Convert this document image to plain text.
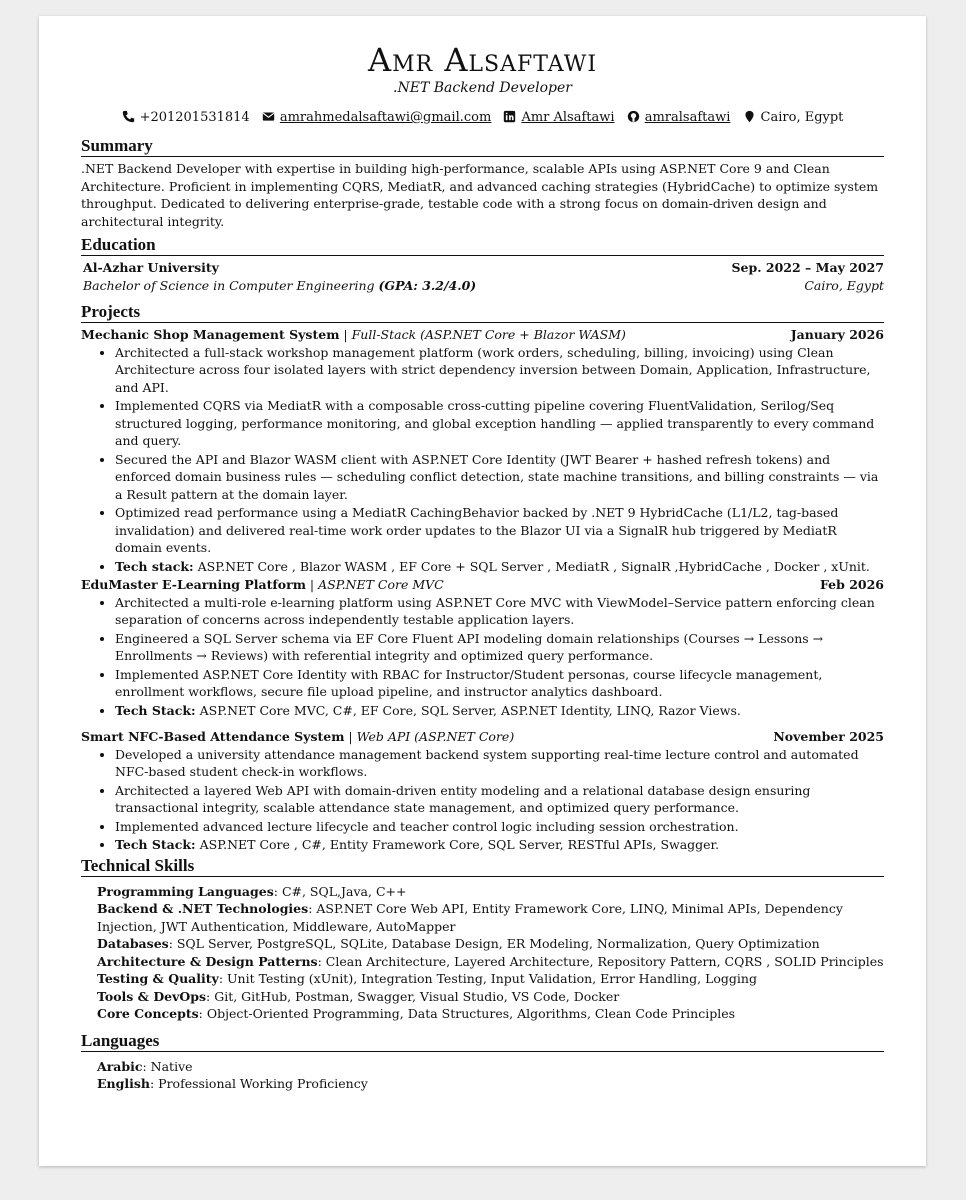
Amr Alsaftawi
.NET Backend Developer
+201201531814 amrahmedalsaftawi@gmail.com Amr Alsaftawi amralsaftawi Cairo, Egypt
Summary

.NET Backend Developer with expertise in building high-performance, scalable APIs using ASP.NET Core 9 and Clean Architecture. Proficient in implementing CQRS, MediatR, and advanced caching strategies (HybridCache) to optimize system throughput. Dedicated to delivering enterprise-grade, testable code with a strong focus on domain-driven design and architectural integrity.

Education
Al-Azhar University	Sep. 2022 – May 2027
Bachelor of Science in Computer Engineering (GPA: 3.2/4.0)	Cairo, Egypt
Projects
Mechanic Shop Management System | Full-Stack (ASP.NET Core + Blazor WASM)	January 2026
• Architected a full-stack workshop management platform (work orders, scheduling, billing, invoicing) using Clean Architecture across four isolated layers with strict dependency inversion between Domain, Application, Infrastructure, and API.
• Implemented CQRS via MediatR with a composable cross-cutting pipeline covering FluentValidation, Serilog/Seq structured logging, performance monitoring, and global exception handling — applied transparently to every command and query.
• Secured the API and Blazor WASM client with ASP.NET Core Identity (JWT Bearer + hashed refresh tokens) and enforced domain business rules — scheduling conflict detection, state machine transitions, and billing constraints — via a Result pattern at the domain layer.
• Optimized read performance using a MediatR CachingBehavior backed by .NET 9 HybridCache (L1/L2, tag-based invalidation) and delivered real-time work order updates to the Blazor UI via a SignalR hub triggered by MediatR domain events.
• Tech stack: ASP.NET Core , Blazor WASM , EF Core + SQL Server , MediatR , SignalR ,HybridCache , Docker , xUnit.
EduMaster E-Learning Platform | ASP.NET Core MVC	Feb 2026
• Architected a multi-role e-learning platform using ASP.NET Core MVC with ViewModel–Service pattern enforcing clean separation of concerns across independently testable application layers.
• Engineered a SQL Server schema via EF Core Fluent API modeling domain relationships (Courses → Lessons → Enrollments → Reviews) with referential integrity and optimized query performance.
• Implemented ASP.NET Core Identity with RBAC for Instructor/Student personas, course lifecycle management, enrollment workflows, secure file upload pipeline, and instructor analytics dashboard.
• Tech Stack: ASP.NET Core MVC, C#, EF Core, SQL Server, ASP.NET Identity, LINQ, Razor Views.
Smart NFC-Based Attendance System | Web API (ASP.NET Core)	November 2025
• Developed a university attendance management backend system supporting real-time lecture control and automated NFC-based student check-in workflows.
• Architected a layered Web API with domain-driven entity modeling and a relational database design ensuring transactional integrity, scalable attendance state management, and optimized query performance.
• Implemented advanced lecture lifecycle and teacher control logic including session orchestration.
• Tech Stack: ASP.NET Core , C#, Entity Framework Core, SQL Server, RESTful APIs, Swagger.
Technical Skills
Programming Languages: C#, SQL,Java, C++
Backend & .NET Technologies: ASP.NET Core Web API, Entity Framework Core, LINQ, Minimal APIs, Dependency Injection, JWT Authentication, Middleware, AutoMapper
Databases: SQL Server, PostgreSQL, SQLite, Database Design, ER Modeling, Normalization, Query Optimization
Architecture & Design Patterns: Clean Architecture, Layered Architecture, Repository Pattern, CQRS , SOLID Principles
Testing & Quality: Unit Testing (xUnit), Integration Testing, Input Validation, Error Handling, Logging
Tools & DevOps: Git, GitHub, Postman, Swagger, Visual Studio, VS Code, Docker
Core Concepts: Object-Oriented Programming, Data Structures, Algorithms, Clean Code Principles
Languages
Arabic: Native
English: Professional Working Proficiency
